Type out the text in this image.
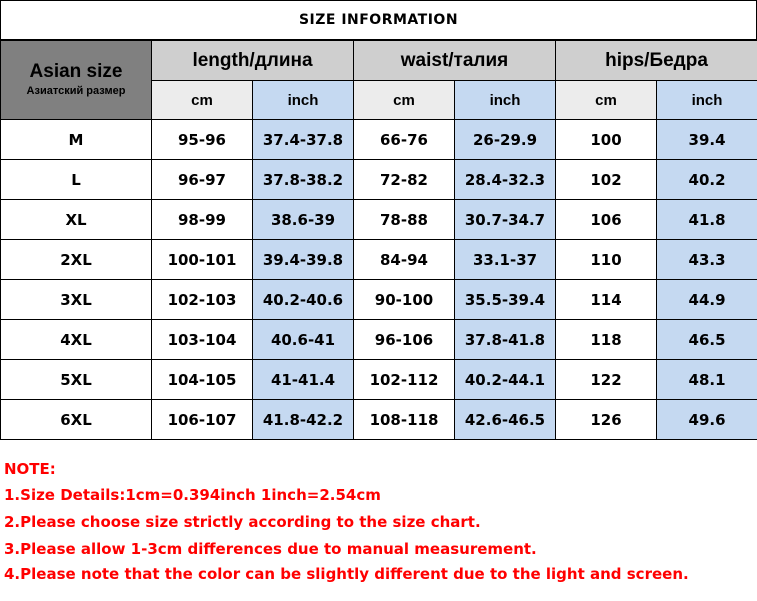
SIZE INFORMATION
Asian size
Азиатский размер	length/длина		waist/талия		hips/Бедра	
	cm	inch	cm	inch	cm	inch
M	95-96	37.4-37.8	66-76	26-29.9	100	39.4
L	96-97	37.8-38.2	72-82	28.4-32.3	102	40.2
XL	98-99	38.6-39	78-88	30.7-34.7	106	41.8
2XL	100-101	39.4-39.8	84-94	33.1-37	110	43.3
3XL	102-103	40.2-40.6	90-100	35.5-39.4	114	44.9
4XL	103-104	40.6-41	96-106	37.8-41.8	118	46.5
5XL	104-105	41-41.4	102-112	40.2-44.1	122	48.1
6XL	106-107	41.8-42.2	108-118	42.6-46.5	126	49.6
NOTE:
1.Size Details:1cm=0.394inch 1inch=2.54cm
2.Please choose size strictly according to the size chart.
3.Please allow 1-3cm differences due to manual measurement.
4.Please note that the color can be slightly different due to the light and screen.
